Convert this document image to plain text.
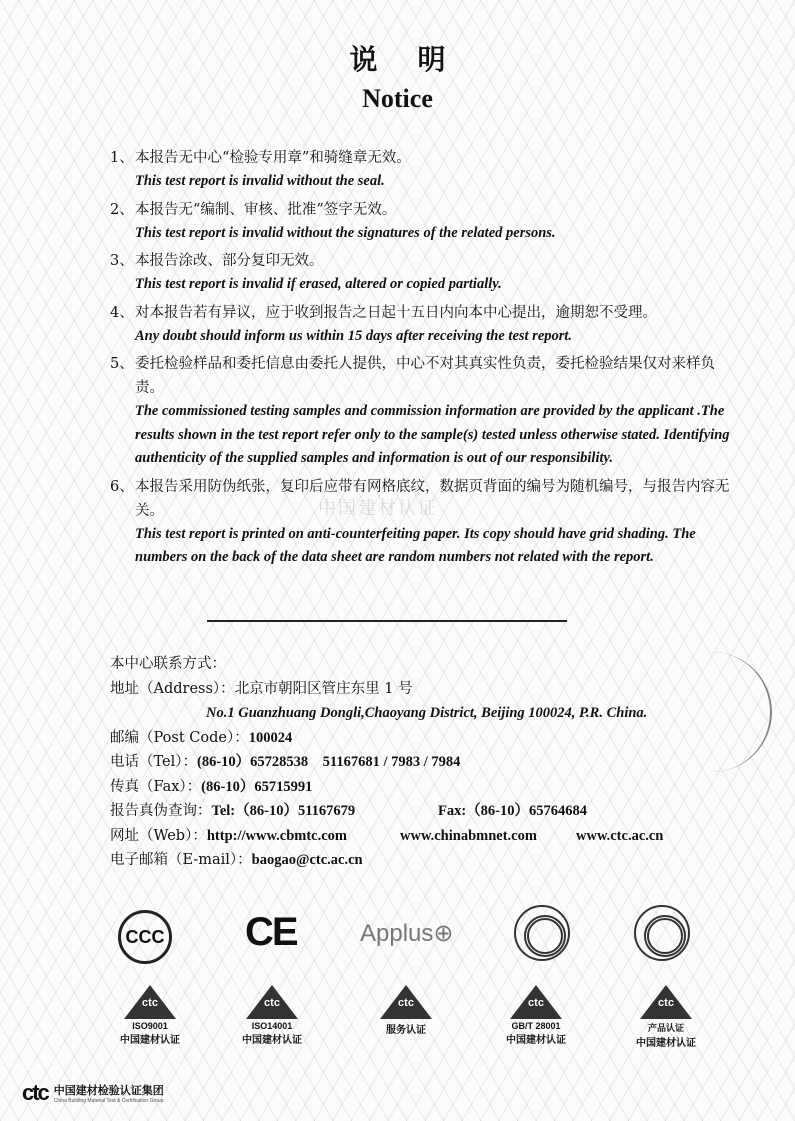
说明
Notice
1、 本报告无中心“检验专用章”和骑缝章无效。
This test report is invalid without the seal.
2、 本报告无“编制、审核、批准”签字无效。
This test report is invalid without the signatures of the related persons.
3、 本报告涂改、部分复印无效。
This test report is invalid if erased, altered or copied partially.
4、 对本报告若有异议，应于收到报告之日起十五日内向本中心提出，逾期恕不受理。
Any doubt should inform us within 15 days after receiving the test report.
5、 委托检验样品和委托信息由委托人提供，中心不对其真实性负责，委托检验结果仅对来样负责。
The commissioned testing samples and commission information are provided by the applicant .The results shown in the test report refer only to the sample(s) tested unless otherwise stated. Identifying authenticity of the supplied samples and information is out of our responsibility.
6、 本报告采用防伪纸张，复印后应带有网格底纹，数据页背面的编号为随机编号，与报告内容无关。
This test report is printed on anti-counterfeiting paper. Its copy should have grid shading. The numbers on the back of the data sheet are random numbers not related with the report.
中国建材认证
本中心联系方式：
地址（Address）：北京市朝阳区管庄东里 1 号
No.1 Guanzhuang Dongli,Chaoyang District, Beijing 100024, P.R. China.
邮编（Post Code）：100024
电话（Tel）：(86-10）65728538    51167681 / 7983 / 7984
传真（Fax）：(86-10）65715991
报告真伪查询：Tel:（86-10）51167679	Fax:（86-10）65764684
网址（Web）：http://www.cbmtc.com	www.chinabmnet.com	www.ctc.ac.cn
电子邮箱（E-mail）：baogao@ctc.ac.cn
CCC CE	Applus⊕
ctc
ISO9001
中国建材认证
ctc
ISO14001
中国建材认证
ctc
服务认证
ctc
GB/T 28001
中国建材认证
ctc
产品认证
中国建材认证
ctc 中国建材检验认证集团
China Building Material Test & Certification Group
